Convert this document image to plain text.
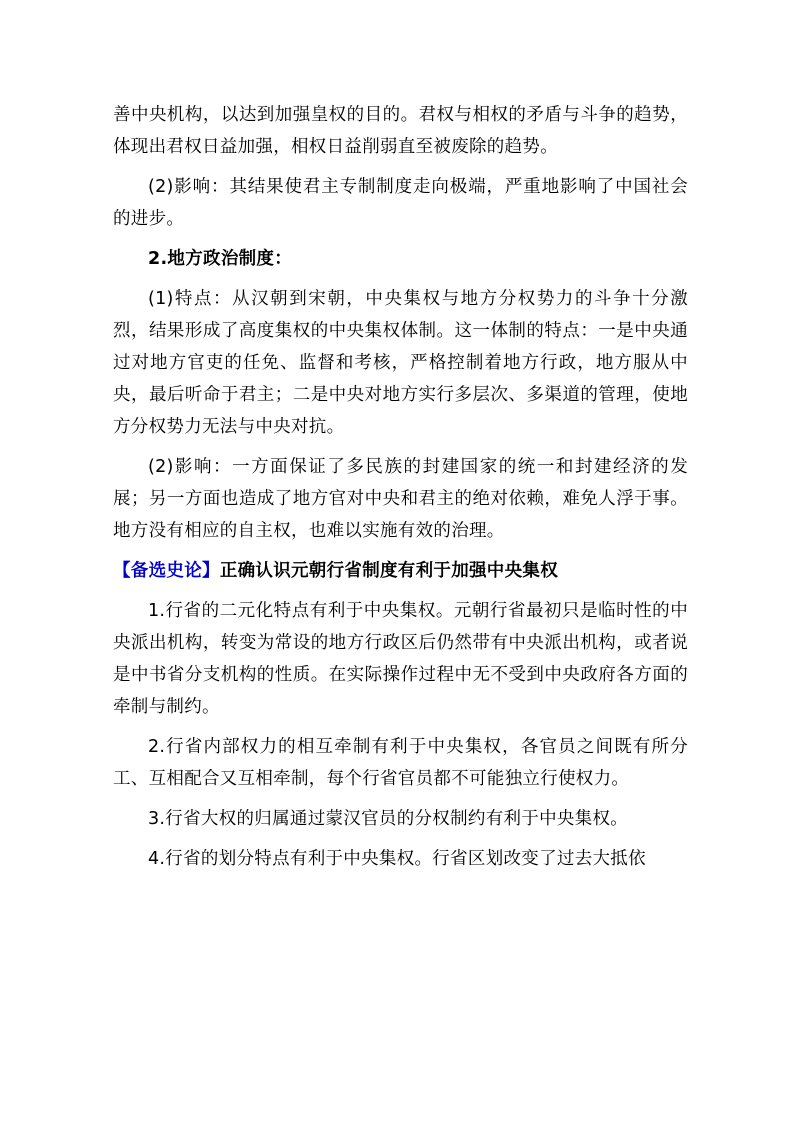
善中央机构，以达到加强皇权的目的。君权与相权的矛盾与斗争的趋势，体现出君权日益加强，相权日益削弱直至被废除的趋势。

(2)影响：其结果使君主专制制度走向极端，严重地影响了中国社会的进步。

2.地方政治制度：

(1)特点：从汉朝到宋朝，中央集权与地方分权势力的斗争十分激烈，结果形成了高度集权的中央集权体制。这一体制的特点：一是中央通过对地方官吏的任免、监督和考核，严格控制着地方行政，地方服从中央，最后听命于君主；二是中央对地方实行多层次、多渠道的管理，使地方分权势力无法与中央对抗。

(2)影响：一方面保证了多民族的封建国家的统一和封建经济的发展；另一方面也造成了地方官对中央和君主的绝对依赖，难免人浮于事。地方没有相应的自主权，也难以实施有效的治理。

【备选史论】正确认识元朝行省制度有利于加强中央集权

1.行省的二元化特点有利于中央集权。元朝行省最初只是临时性的中央派出机构，转变为常设的地方行政区后仍然带有中央派出机构，或者说是中书省分支机构的性质。在实际操作过程中无不受到中央政府各方面的牵制与制约。

2.行省内部权力的相互牵制有利于中央集权，各官员之间既有所分工、互相配合又互相牵制，每个行省官员都不可能独立行使权力。

3.行省大权的归属通过蒙汉官员的分权制约有利于中央集权。

4.行省的划分特点有利于中央集权。行省区划改变了过去大抵依
